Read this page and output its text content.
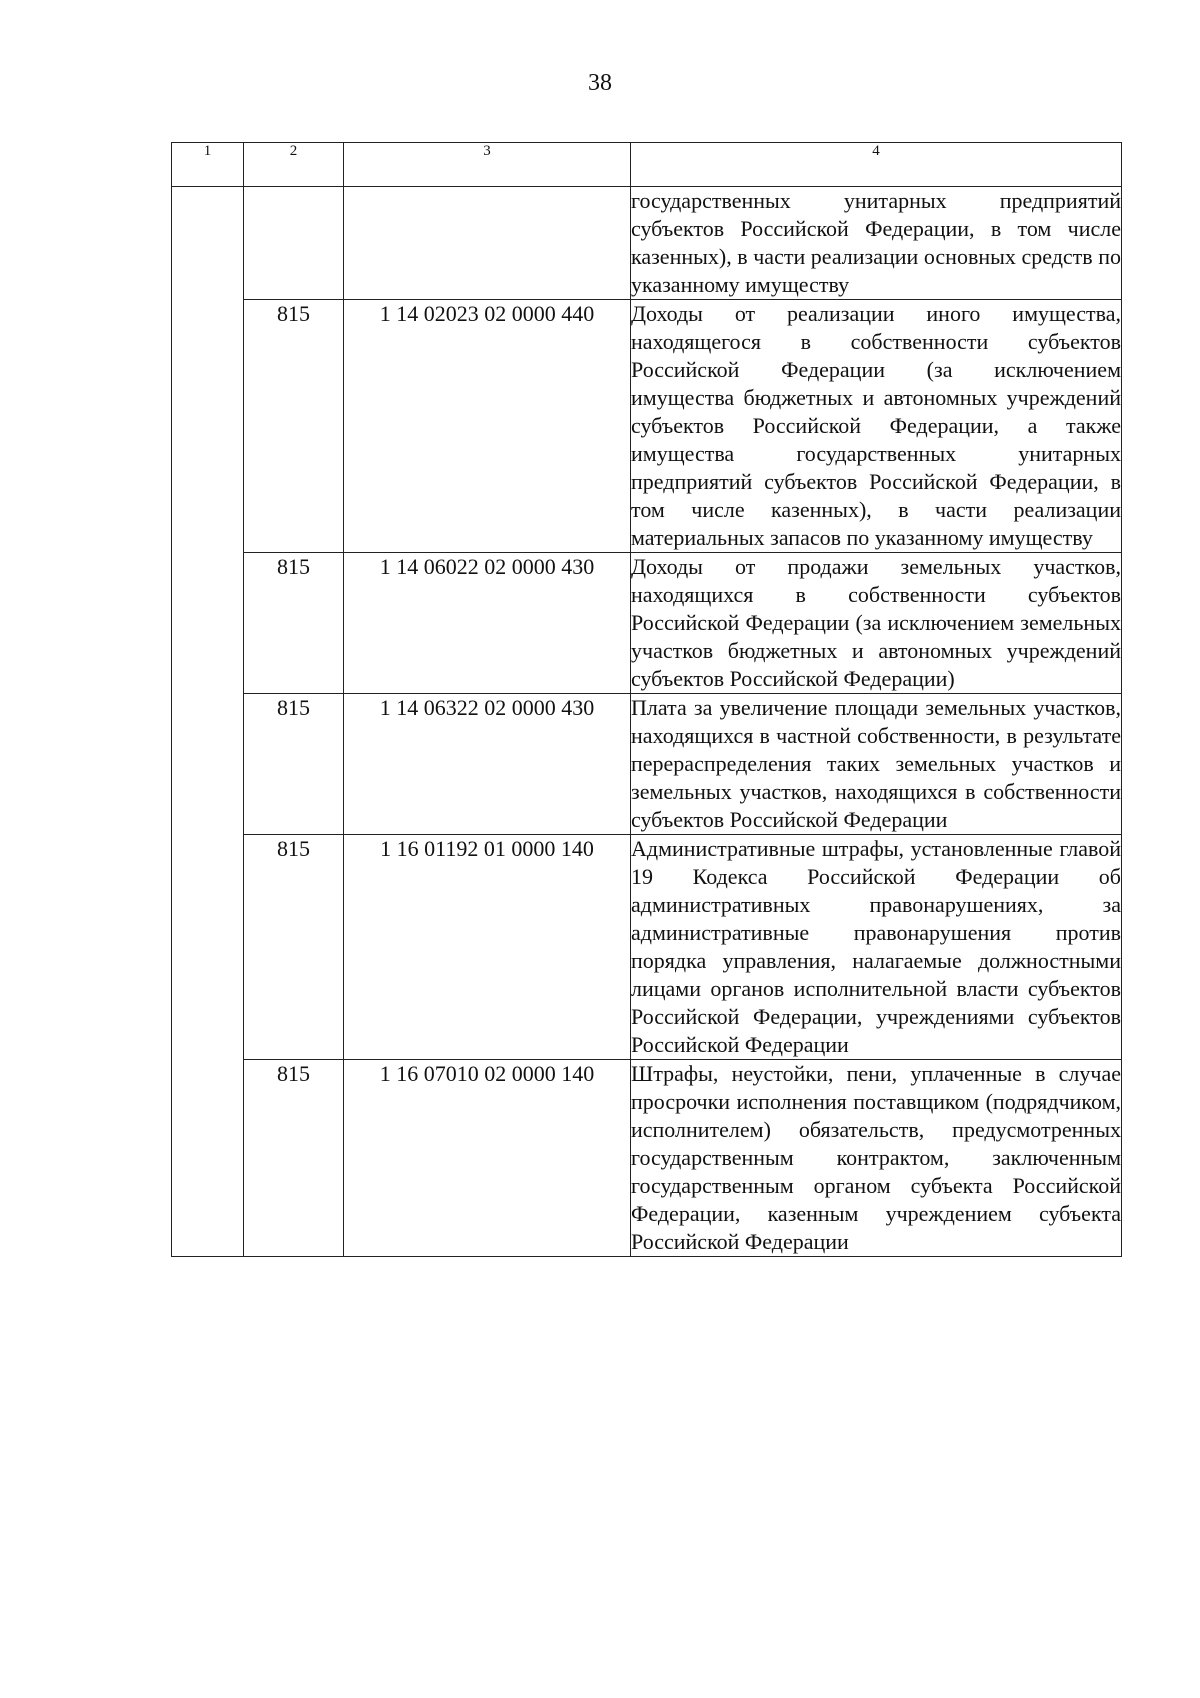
38
1	2	3	4
			государственных унитарных предприятий субъектов Российской Федерации, в том числе казенных), в части реализации основных средств по указанному имуществу
	815	1 14 02023 02 0000 440	Доходы от реализации иного имущества, находящегося в собственности субъектов Российской Федерации (за исключением имущества бюджетных и автономных учреждений субъектов Российской Федерации, а также имущества государственных унитарных предприятий субъектов Российской Федерации, в том числе казенных), в части реализации материальных запасов по указанному имуществу
	815	1 14 06022 02 0000 430	Доходы от продажи земельных участков, находящихся в собственности субъектов Российской Федерации (за исключением земельных участков бюджетных и автономных учреждений субъектов Российской Федерации)
	815	1 14 06322 02 0000 430	Плата за увеличение площади земельных участков, находящихся в частной собственности, в результате перераспределения таких земельных участков и земельных участков, находящихся в собственности субъектов Российской Федерации
	815	1 16 01192 01 0000 140	Административные штрафы, установленные главой 19 Кодекса Российской Федерации об административных правонарушениях, за административные правонарушения против порядка управления, налагаемые должностными лицами органов исполнительной власти субъектов Российской Федерации, учреждениями субъектов Российской Федерации
	815	1 16 07010 02 0000 140	Штрафы, неустойки, пени, уплаченные в случае просрочки исполнения поставщиком (подрядчиком, исполнителем) обязательств, предусмотренных государственным контрактом, заключенным государственным органом субъекта Российской Федерации, казенным учреждением субъекта Российской Федерации
